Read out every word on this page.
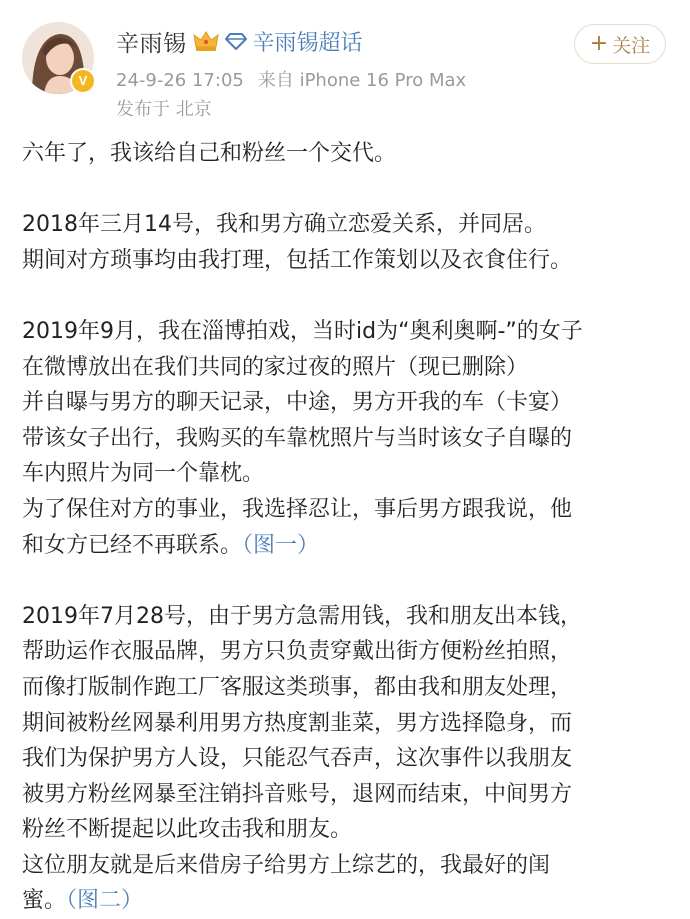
V
辛雨锡	辛雨锡超话
24-9-26 17:05 来自 iPhone 16 Pro Max
发布于 北京
+ 关注

六年了，我该给自己和粉丝一个交代。

2018年三月14号，我和男方确立恋爱关系，并同居。

期间对方琐事均由我打理，包括工作策划以及衣食住行。

2019年9月，我在淄博拍戏，当时id为“奥利奥啊-”的女子

在微博放出在我们共同的家过夜的照片（现已删除）

并自曝与男方的聊天记录，中途，男方开我的车（卡宴）

带该女子出行，我购买的车靠枕照片与当时该女子自曝的

车内照片为同一个靠枕。

为了保住对方的事业，我选择忍让，事后男方跟我说，他

和女方已经不再联系。（图一）

2019年7月28号，由于男方急需用钱，我和朋友出本钱，

帮助运作衣服品牌，男方只负责穿戴出街方便粉丝拍照，

而像打版制作跑工厂客服这类琐事，都由我和朋友处理，

期间被粉丝网暴利用男方热度割韭菜，男方选择隐身，而

我们为保护男方人设，只能忍气吞声，这次事件以我朋友

被男方粉丝网暴至注销抖音账号，退网而结束，中间男方

粉丝不断提起以此攻击我和朋友。

这位朋友就是后来借房子给男方上综艺的，我最好的闺

蜜。（图二）
